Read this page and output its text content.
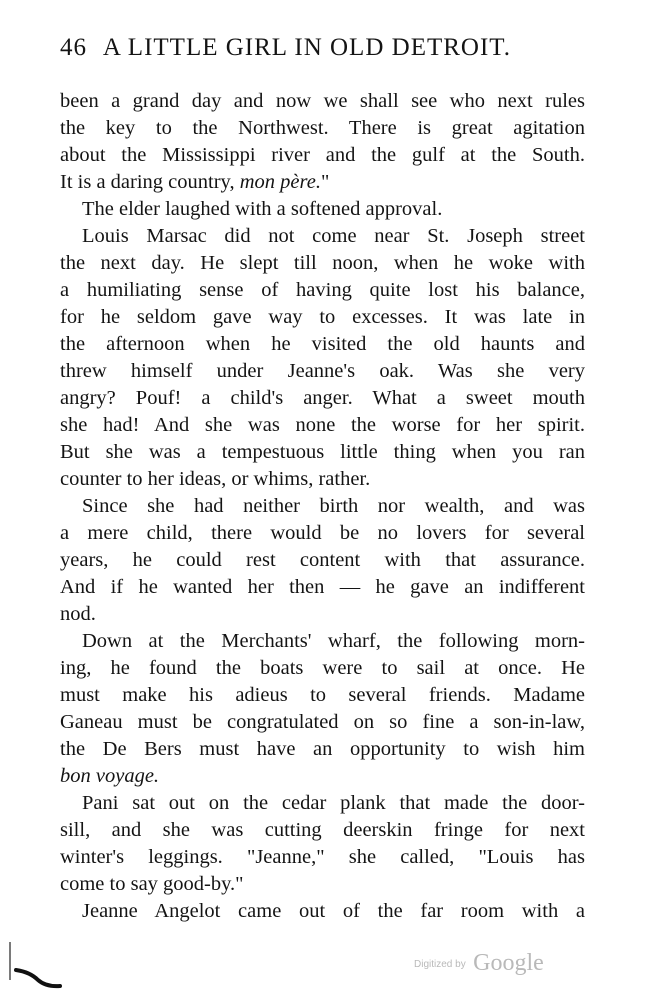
46 A LITTLE GIRL IN OLD DETROIT.
been a grand day and now we shall see who next rules
the key to the Northwest. There is great agitation
about the Mississippi river and the gulf at the South.
It is a daring country, mon père."
The elder laughed with a softened approval.
Louis Marsac did not come near St. Joseph street
the next day. He slept till noon, when he woke with
a humiliating sense of having quite lost his balance,
for he seldom gave way to excesses. It was late in
the afternoon when he visited the old haunts and
threw himself under Jeanne's oak. Was she very
angry? Pouf! a child's anger. What a sweet mouth
she had! And she was none the worse for her spirit.
But she was a tempestuous little thing when you ran
counter to her ideas, or whims, rather.
Since she had neither birth nor wealth, and was
a mere child, there would be no lovers for several
years, he could rest content with that assurance.
And if he wanted her then — he gave an indifferent
nod.
Down at the Merchants' wharf, the following morn-
ing, he found the boats were to sail at once. He
must make his adieus to several friends. Madame
Ganeau must be congratulated on so fine a son-in-law,
the De Bers must have an opportunity to wish him
bon voyage.
Pani sat out on the cedar plank that made the door-
sill, and she was cutting deerskin fringe for next
winter's leggings. "Jeanne," she called, "Louis has
come to say good-by."
Jeanne Angelot came out of the far room with a
Digitized by Google
